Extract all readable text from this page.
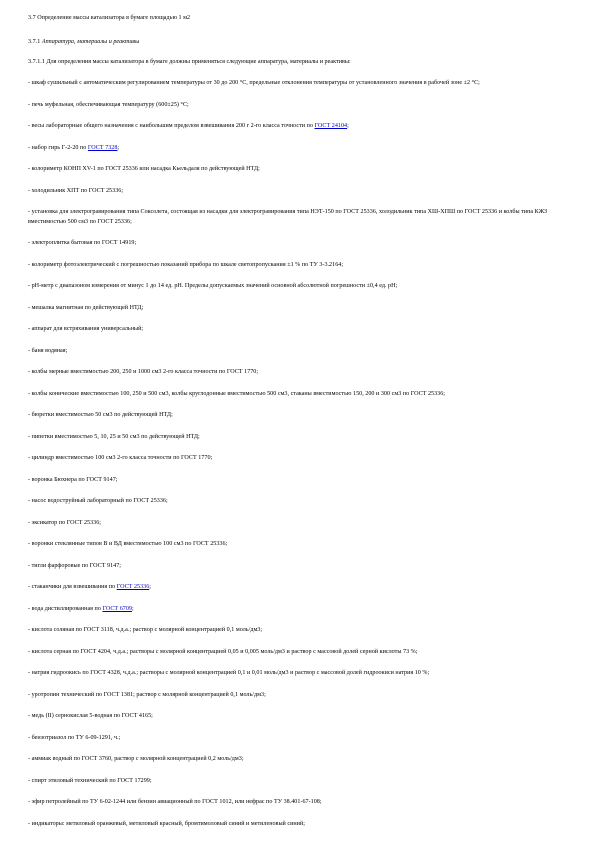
3.7 Определение массы катализатора в бумаге площадью 1 м2

3.7.1 Аппаратура, материалы и реактивы

3.7.1.1 Для определения массы катализатора в бумаге должны применяться следующие аппаратура, материалы и реактивы:

- шкаф сушильный с автоматическим регулированием температуры от 30 до 200 °С, предельные отклонения температуры от установленного значения в рабочей зоне ±2 °С;

- печь муфельная, обеспечивающая температуру (600±25) °С;

- весы лабораторные общего назначения с наибольшим пределом взвешивания 200 г 2-го класса точности по ГОСТ 24104;

- набор гирь Г-2-20 по ГОСТ 7328;

- колориметр КОНП ХV-1 по ГОСТ 25336 или насадка Кьельдаля по действующей НТД;

- холодильник ХПТ по ГОСТ 25336;

- установка для электрогравирования типа Соксолета, состоящая из насадки для электрогравирования типа НЭТ-150 по ГОСТ 25336, холодильник типа ХШ-ХПШ по ГОСТ 25336 и колбы типа КЖЗ вместимостью 500 см3 по ГОСТ 25336;

- электроплитка бытовая по ГОСТ 14919;

- колориметр фотоэлектрический с погрешностью показаний прибора по шкале светопропускания ±1 % по ТУ 3-3.2164;

- рН-метр с диапазоном измерения от минус 1 до 14 ед. рН. Пределы допускаемых значений основной абсолютной погрешности ±0,4 ед. рН;

- мешалка магнитная по действующей НТД;

- аппарат для встряхивания универсальный;

- баня водяная;

- колбы мерные вместимостью 200, 250 и 1000 см3 2-го класса точности по ГОСТ 1770;

- колбы конические вместимостью 100, 250 и 500 см3, колбы круглодонные вместимостью 500 см3, стаканы вместимостью 150, 200 и 300 см3 по ГОСТ 25336;

- бюретки вместимостью 50 см3 по действующей НТД;

- пипетки вместимостью 5, 10, 25 и 50 см3 по действующей НТД;

- цилиндр вместимостью 100 см3 2-го класса точности по ГОСТ 1770;

- воронка Бюхнера по ГОСТ 9147;

- насос водоструйный лабораторный по ГОСТ 25336;

- эксикатор по ГОСТ 25336;

- воронки стеклянные типов В и ВД вместимостью 100 см3 по ГОСТ 25336;

- тигли фарфоровые по ГОСТ 9147;

- стаканчики для взвешивания по ГОСТ 25336;

- вода дистиллированная по ГОСТ 6709;

- кислота соляная по ГОСТ 3118, ч.д.а.; раствор с молярной концентрацией 0,1 моль/дм3;

- кислота серная по ГОСТ 4204, ч.д.а.; растворы с молярной концентрацией 0,05 и 0,005 моль/дм3 и раствор с массовой долей серной кислоты 73 %;

- натрия гидроокись по ГОСТ 4328, ч.д.а.; растворы с молярной концентрацией 0,1 и 0,01 моль/дм3 и раствор с массовой долей гидроокиси натрия 10 %;

- уротропин технический по ГОСТ 1381; раствор с молярной концентрацией 0,1 моль/дм3;

- медь (II) сернокислая 5-водная по ГОСТ 4165;

- бензотриазол по ТУ 6-09-1291, ч.;

- аммиак водный по ГОСТ 3760, раствор с молярной концентрацией 0,2 моль/дм3;

- спирт этиловый технический по ГОСТ 17299;

- эфир петролейный по ТУ 6-02-1244 или бензин авиационный по ГОСТ 1012, или нефрас по ТУ 38.401-67-108;

- индикаторы: метиловый оранжевый, метиловый красный, бромтимоловый синий и метиленовый синий;
